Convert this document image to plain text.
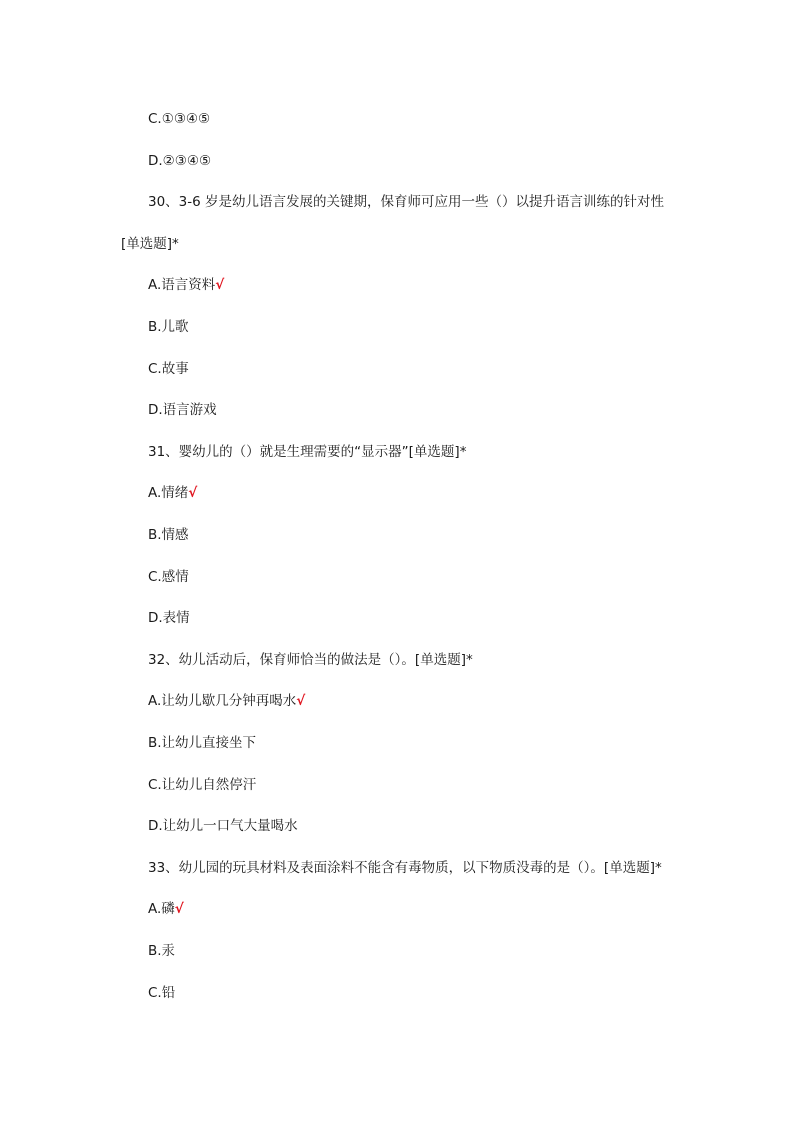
C.①③④⑤
D.②③④⑤
30、3-6 岁是幼儿语言发展的关键期，保育师可应用一些（）以提升语言训练的针对性
[单选题]*
A.语言资料√
B.儿歌
C.故事
D.语言游戏
31、婴幼儿的（）就是生理需要的“显示器”[单选题]*
A.情绪√
B.情感
C.感情
D.表情
32、幼儿活动后，保育师恰当的做法是（）。[单选题]*
A.让幼儿歇几分钟再喝水√
B.让幼儿直接坐下
C.让幼儿自然停汗
D.让幼儿一口气大量喝水
33、幼儿园的玩具材料及表面涂料不能含有毒物质，以下物质没毒的是（）。[单选题]*
A.磷√
B.汞
C.铅
